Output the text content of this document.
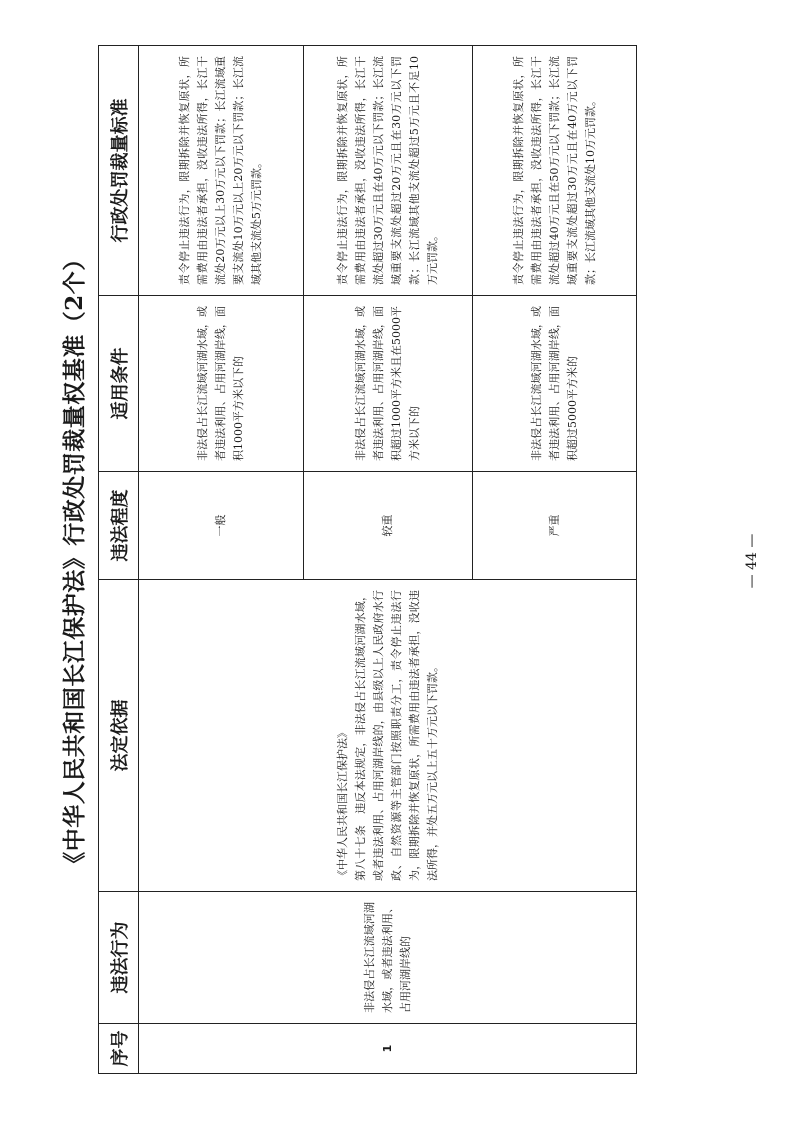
《中华人民共和国长江保护法》行政处罚裁量权基准（2个）
序号	违法行为	法定依据	违法程度	适用条件	行政处罚裁量标准
1	非法侵占长江流域河湖水域，或者违法利用、占用河湖岸线的	《中华人民共和国长江保护法》
第八十七条　违反本法规定，非法侵占长江流域河湖水域，或者违法利用、占用河湖岸线的，由县级以上人民政府水行政、自然资源等主管部门按照职责分工，责令停止违法行为，限期拆除并恢复原状，所需费用由违法者承担，没收违法所得，并处五万元以上五十万元以下罚款。	一般	非法侵占长江流域河湖水域，或者违法利用、占用河湖岸线，面积1000平方米以下的	责令停止违法行为，限期拆除并恢复原状，所需费用由违法者承担，没收违法所得，长江干流处20万元以上30万元以下罚款；长江流域重要支流处10万元以上20万元以下罚款；长江流域其他支流处5万元罚款。

			较重	非法侵占长江流域河湖水域，或者违法利用、占用河湖岸线，面积超过1000平方米且在5000平方米以下的	责令停止违法行为，限期拆除并恢复原状，所需费用由违法者承担，没收违法所得，长江干流处超过30万元且在40万元以下罚款；长江流域重要支流处超过20万元且在30万元以下罚款；长江流域其他支流处超过5万元且不足10万元罚款。

			严重	非法侵占长江流域河湖水域，或者违法利用、占用河湖岸线，面积超过5000平方米的	责令停止违法行为，限期拆除并恢复原状，所需费用由违法者承担，没收违法所得，长江干流处超过40万元且在50万元以下罚款；长江流域重要支流处超过30万元且在40万元以下罚款；长江流域其他支流处10万元罚款。

— 44 —
